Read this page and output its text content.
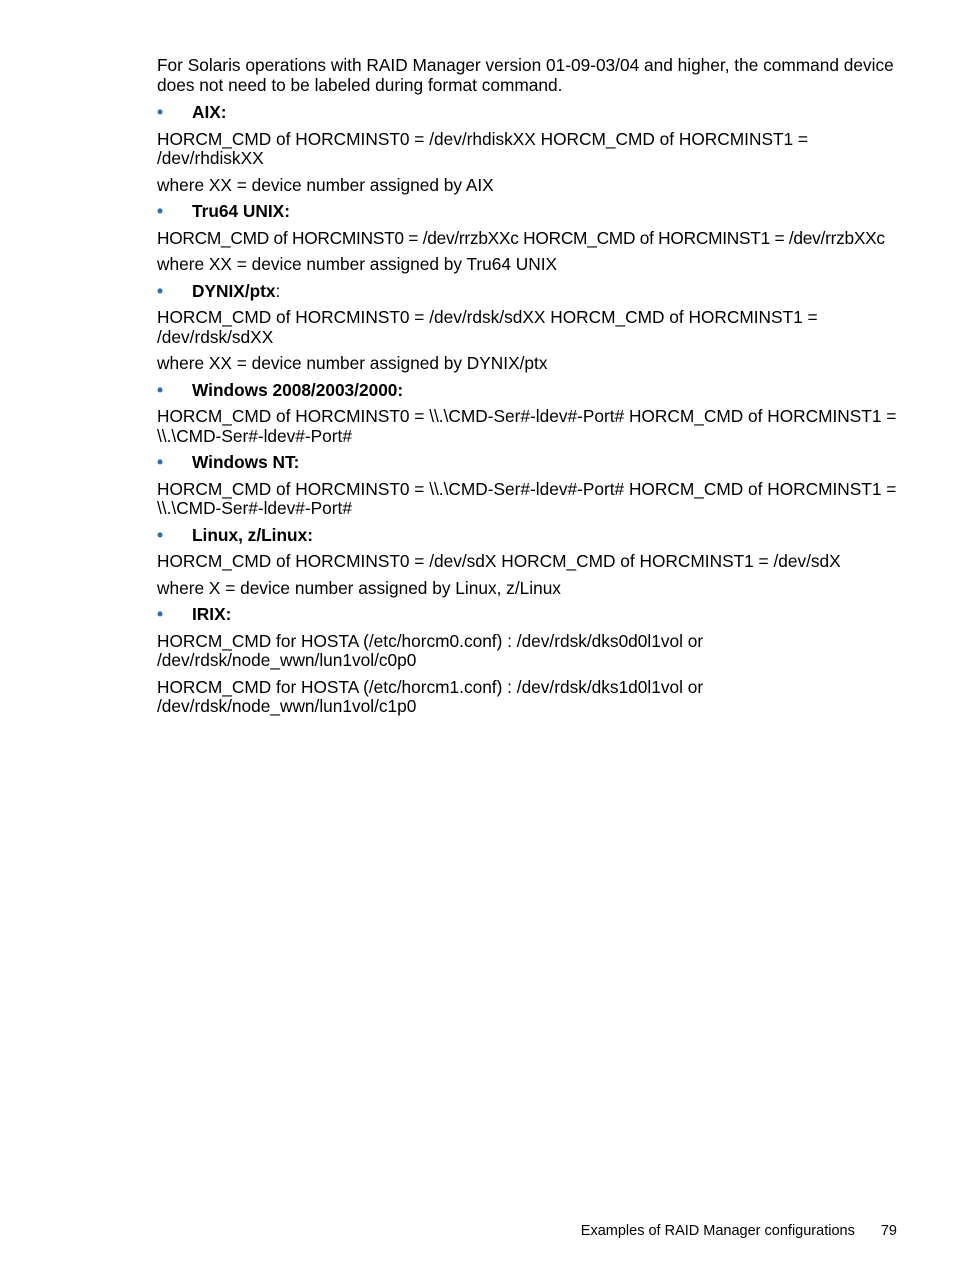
For Solaris operations with RAID Manager version 01-09-03/04 and higher, the command device does not need to be labeled during format command.

•	AIX:

HORCM_CMD of HORCMINST0 = /dev/rhdiskXX HORCM_CMD of HORCMINST1 = /dev/rhdiskXX

where XX = device number assigned by AIX

•	Tru64 UNIX:

HORCM_CMD of HORCMINST0 = /dev/rrzbXXc HORCM_CMD of HORCMINST1 = /dev/rrzbXXc

where XX = device number assigned by Tru64 UNIX

•	DYNIX/ptx:

HORCM_CMD of HORCMINST0 = /dev/rdsk/sdXX HORCM_CMD of HORCMINST1 = /dev/rdsk/sdXX

where XX = device number assigned by DYNIX/ptx

•	Windows 2008/2003/2000:

HORCM_CMD of HORCMINST0 = \\.\CMD-Ser#-ldev#-Port# HORCM_CMD of HORCMINST1 = \\.\CMD-Ser#-ldev#-Port#

•	Windows NT:

HORCM_CMD of HORCMINST0 = \\.\CMD-Ser#-ldev#-Port# HORCM_CMD of HORCMINST1 = \\.\CMD-Ser#-ldev#-Port#

•	Linux, z/Linux:

HORCM_CMD of HORCMINST0 = /dev/sdX HORCM_CMD of HORCMINST1 = /dev/sdX

where X = device number assigned by Linux, z/Linux

•	IRIX:

HORCM_CMD for HOSTA (/etc/horcm0.conf) : /dev/rdsk/dks0d0l1vol or /dev/rdsk/node_wwn/lun1vol/c0p0

HORCM_CMD for HOSTA (/etc/horcm1.conf) : /dev/rdsk/dks1d0l1vol or /dev/rdsk/node_wwn/lun1vol/c1p0

Examples of RAID Manager configurations 79
